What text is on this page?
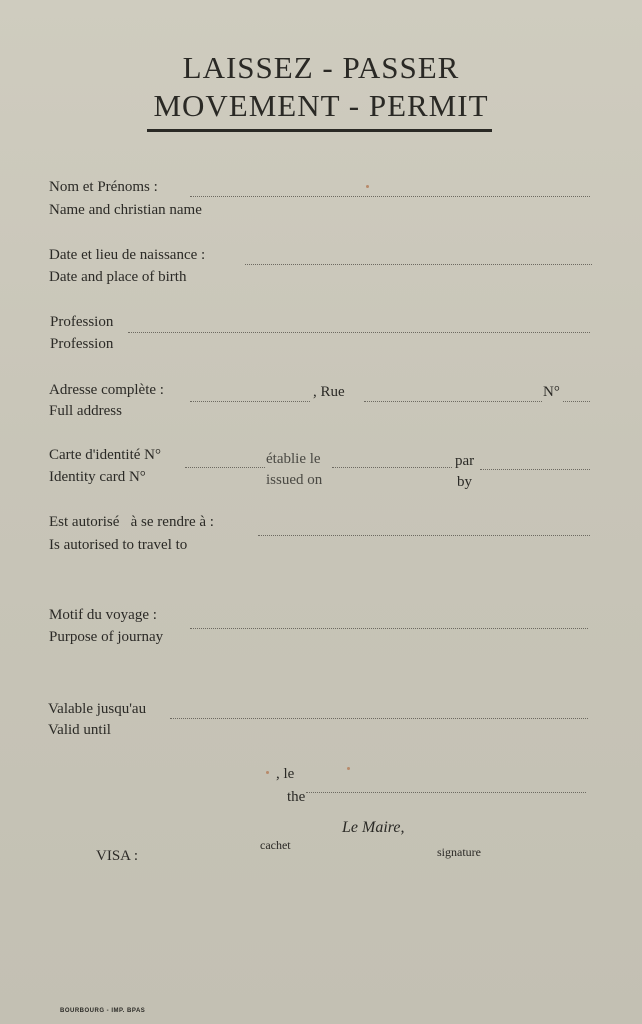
LAISSEZ - PASSER
MOVEMENT - PERMIT
Nom et Prénoms :
Name and christian name
Date et lieu de naissance :
Date and place of birth
Profession
Profession
Adresse complète :	, Rue	N°
Full address
Carte d'identité N°	établie le	par
Identity card N°	issued on	by
Est autorisé   à se rendre à :
Is autorised to travel to
Motif du voyage :
Purpose of journay
Valable jusqu'au
Valid until
, le
the
Le Maire,
cachet	signature
VISA :
BOURBOURG - IMP. BPAS
